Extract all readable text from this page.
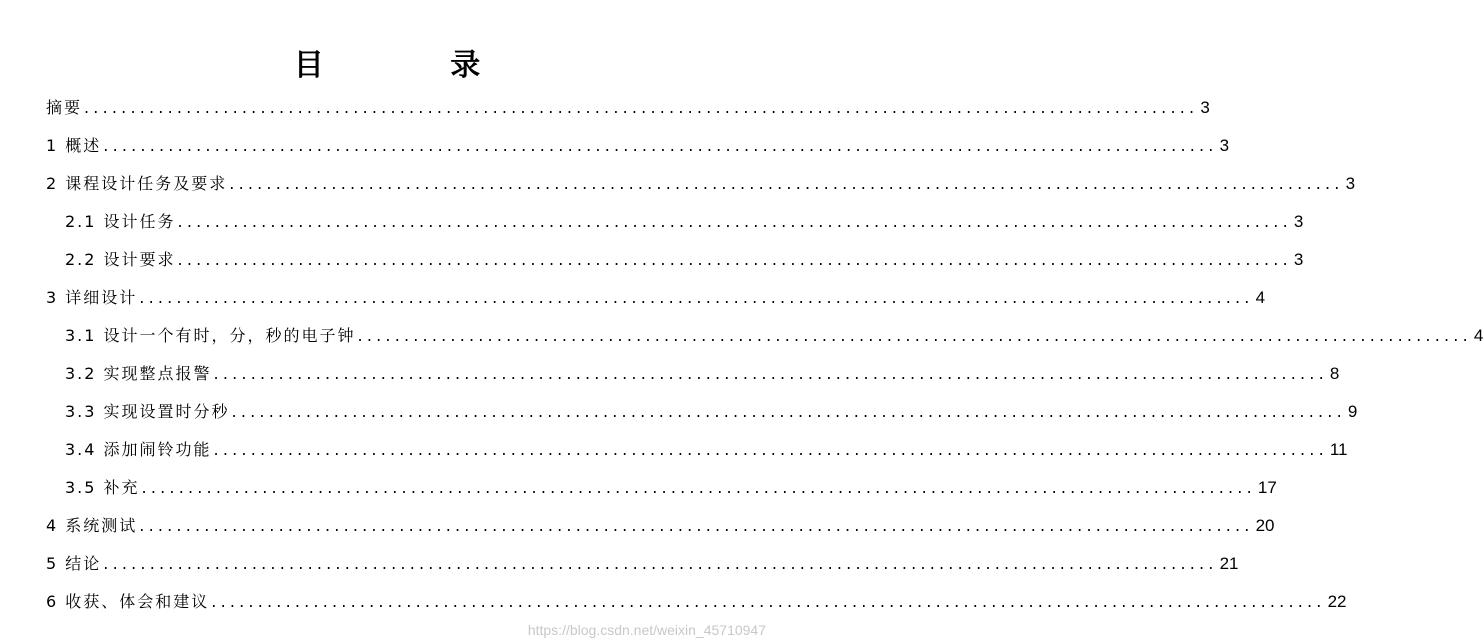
目 录
摘要 ........................................................................................................................ 3
1 概述 ........................................................................................................................ 3
2 课程设计任务及要求 ........................................................................................................................ 3
2.1 设计任务 ........................................................................................................................ 3
2.2 设计要求 ........................................................................................................................ 3
3 详细设计 ........................................................................................................................ 4
3.1 设计一个有时，分，秒的电子钟 ........................................................................................................................ 4
3.2 实现整点报警 ........................................................................................................................ 8
3.3 实现设置时分秒 ........................................................................................................................ 9
3.4 添加闹铃功能 ........................................................................................................................ 11
3.5 补充 ........................................................................................................................ 17
4 系统测试 ........................................................................................................................ 20
5 结论 ........................................................................................................................ 21
6 收获、体会和建议 ........................................................................................................................ 22
https://blog.csdn.net/weixin_45710947
